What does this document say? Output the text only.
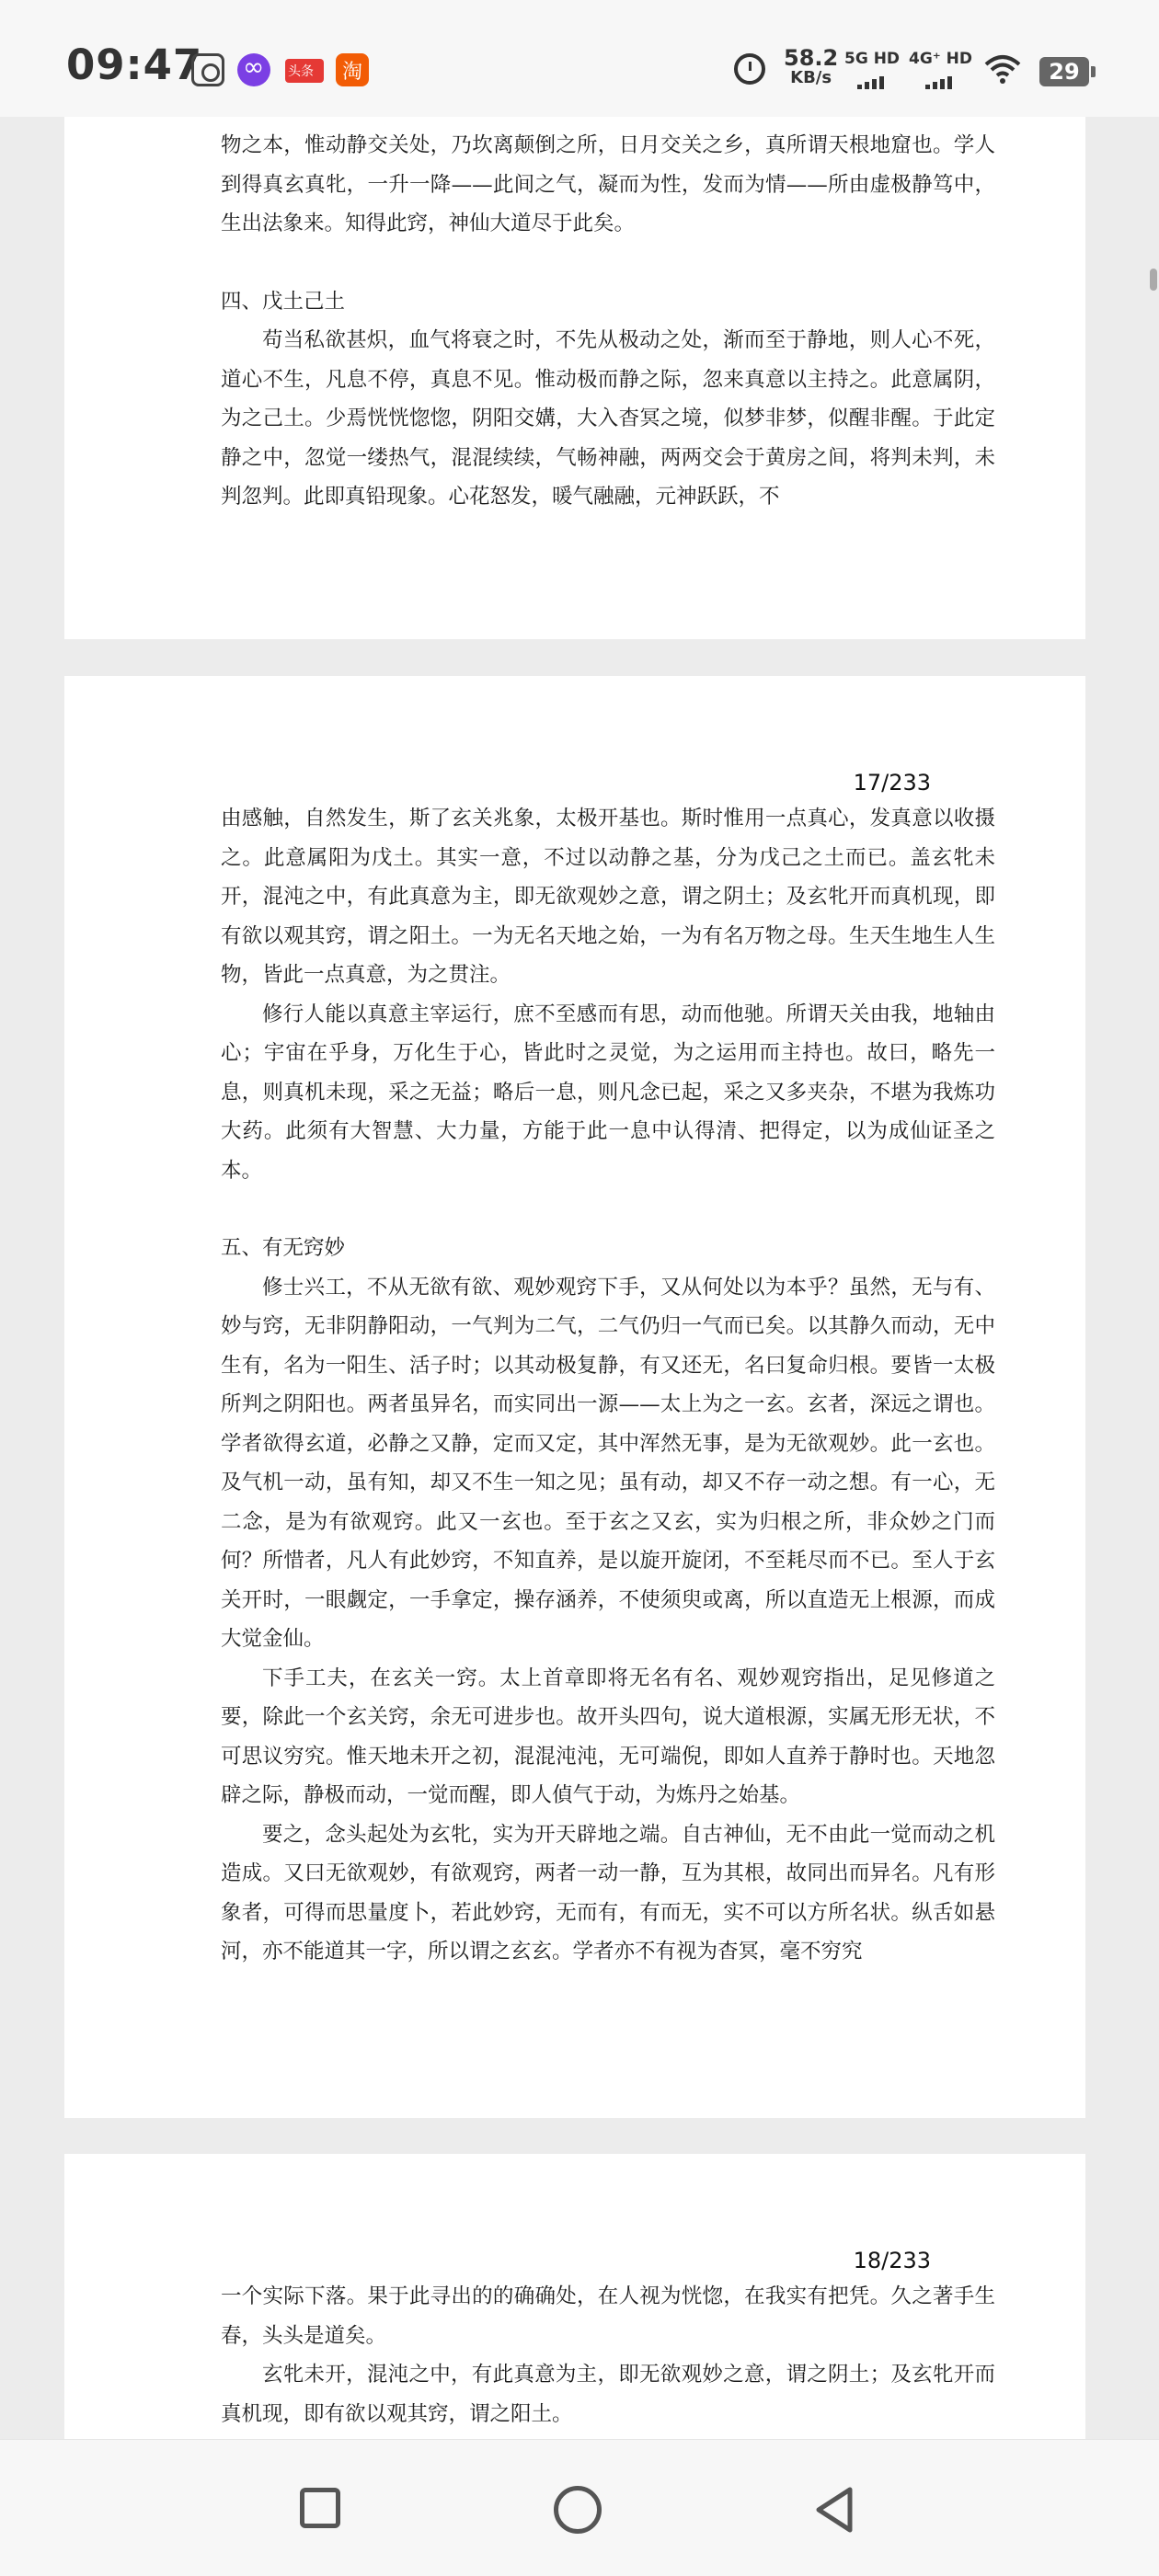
09:47
∞	头条 淘
58.2
KB/s
5G HD 4G⁺ HD	29

物之本，惟动静交关处，乃坎离颠倒之所，日月交关之乡，真所谓天根地窟也。学人到得真玄真牝，一升一降——此间之气，凝而为性，发而为情——所由虚极静笃中，生出法象来。知得此窍，神仙大道尽于此矣。

四、戊土己土

苟当私欲甚炽，血气将衰之时，不先从极动之处，渐而至于静地，则人心不死，道心不生，凡息不停，真息不见。惟动极而静之际，忽来真意以主持之。此意属阴，为之己土。少焉恍恍惚惚，阴阳交媾，大入杳冥之境，似梦非梦，似醒非醒。于此定静之中，忽觉一缕热气，混混续续，气畅神融，两两交会于黄房之间，将判未判，未判忽判。此即真铅现象。心花怒发，暖气融融，元神跃跃，不

17/233

由感触，自然发生，斯了玄关兆象，太极开基也。斯时惟用一点真心，发真意以收摄之。此意属阳为戊土。其实一意，不过以动静之基，分为戊己之土而已。盖玄牝未开，混沌之中，有此真意为主，即无欲观妙之意，谓之阴土；及玄牝开而真机现，即有欲以观其窍，谓之阳土。一为无名天地之始，一为有名万物之母。生天生地生人生物，皆此一点真意，为之贯注。

修行人能以真意主宰运行，庶不至感而有思，动而他驰。所谓天关由我，地轴由心；宇宙在乎身，万化生于心，皆此时之灵觉，为之运用而主持也。故曰，略先一息，则真机未现，采之无益；略后一息，则凡念已起，采之又多夹杂，不堪为我炼功大药。此须有大智慧、大力量，方能于此一息中认得清、把得定，以为成仙证圣之本。

五、有无窍妙

修士兴工，不从无欲有欲、观妙观窍下手，又从何处以为本乎？虽然，无与有、妙与窍，无非阴静阳动，一气判为二气，二气仍归一气而已矣。以其静久而动，无中生有，名为一阳生、活子时；以其动极复静，有又还无，名曰复命归根。要皆一太极所判之阴阳也。两者虽异名，而实同出一源——太上为之一玄。玄者，深远之谓也。学者欲得玄道，必静之又静，定而又定，其中浑然无事，是为无欲观妙。此一玄也。及气机一动，虽有知，却又不生一知之见；虽有动，却又不存一动之想。有一心，无二念，是为有欲观窍。此又一玄也。至于玄之又玄，实为归根之所，非众妙之门而何？所惜者，凡人有此妙窍，不知直养，是以旋开旋闭，不至耗尽而不已。至人于玄关开时，一眼觑定，一手拿定，操存涵养，不使须臾或离，所以直造无上根源，而成大觉金仙。

下手工夫，在玄关一窍。太上首章即将无名有名、观妙观窍指出，足见修道之要，除此一个玄关窍，余无可进步也。故开头四句，说大道根源，实属无形无状，不可思议穷究。惟天地未开之初，混混沌沌，无可端倪，即如人直养于静时也。天地忽辟之际，静极而动，一觉而醒，即人偵气于动，为炼丹之始基。

要之，念头起处为玄牝，实为开天辟地之端。自古神仙，无不由此一觉而动之机造成。又曰无欲观妙，有欲观窍，两者一动一静，互为其根，故同出而异名。凡有形象者，可得而思量度卜，若此妙窍，无而有，有而无，实不可以方所名状。纵舌如悬河，亦不能道其一字，所以谓之玄玄。学者亦不有视为杳冥，毫不穷究

18/233

一个实际下落。果于此寻出的的确确处，在人视为恍惚，在我实有把凭。久之著手生春，头头是道矣。

玄牝未开，混沌之中，有此真意为主，即无欲观妙之意，谓之阴土；及玄牝开而真机现，即有欲以观其窍，谓之阳土。
